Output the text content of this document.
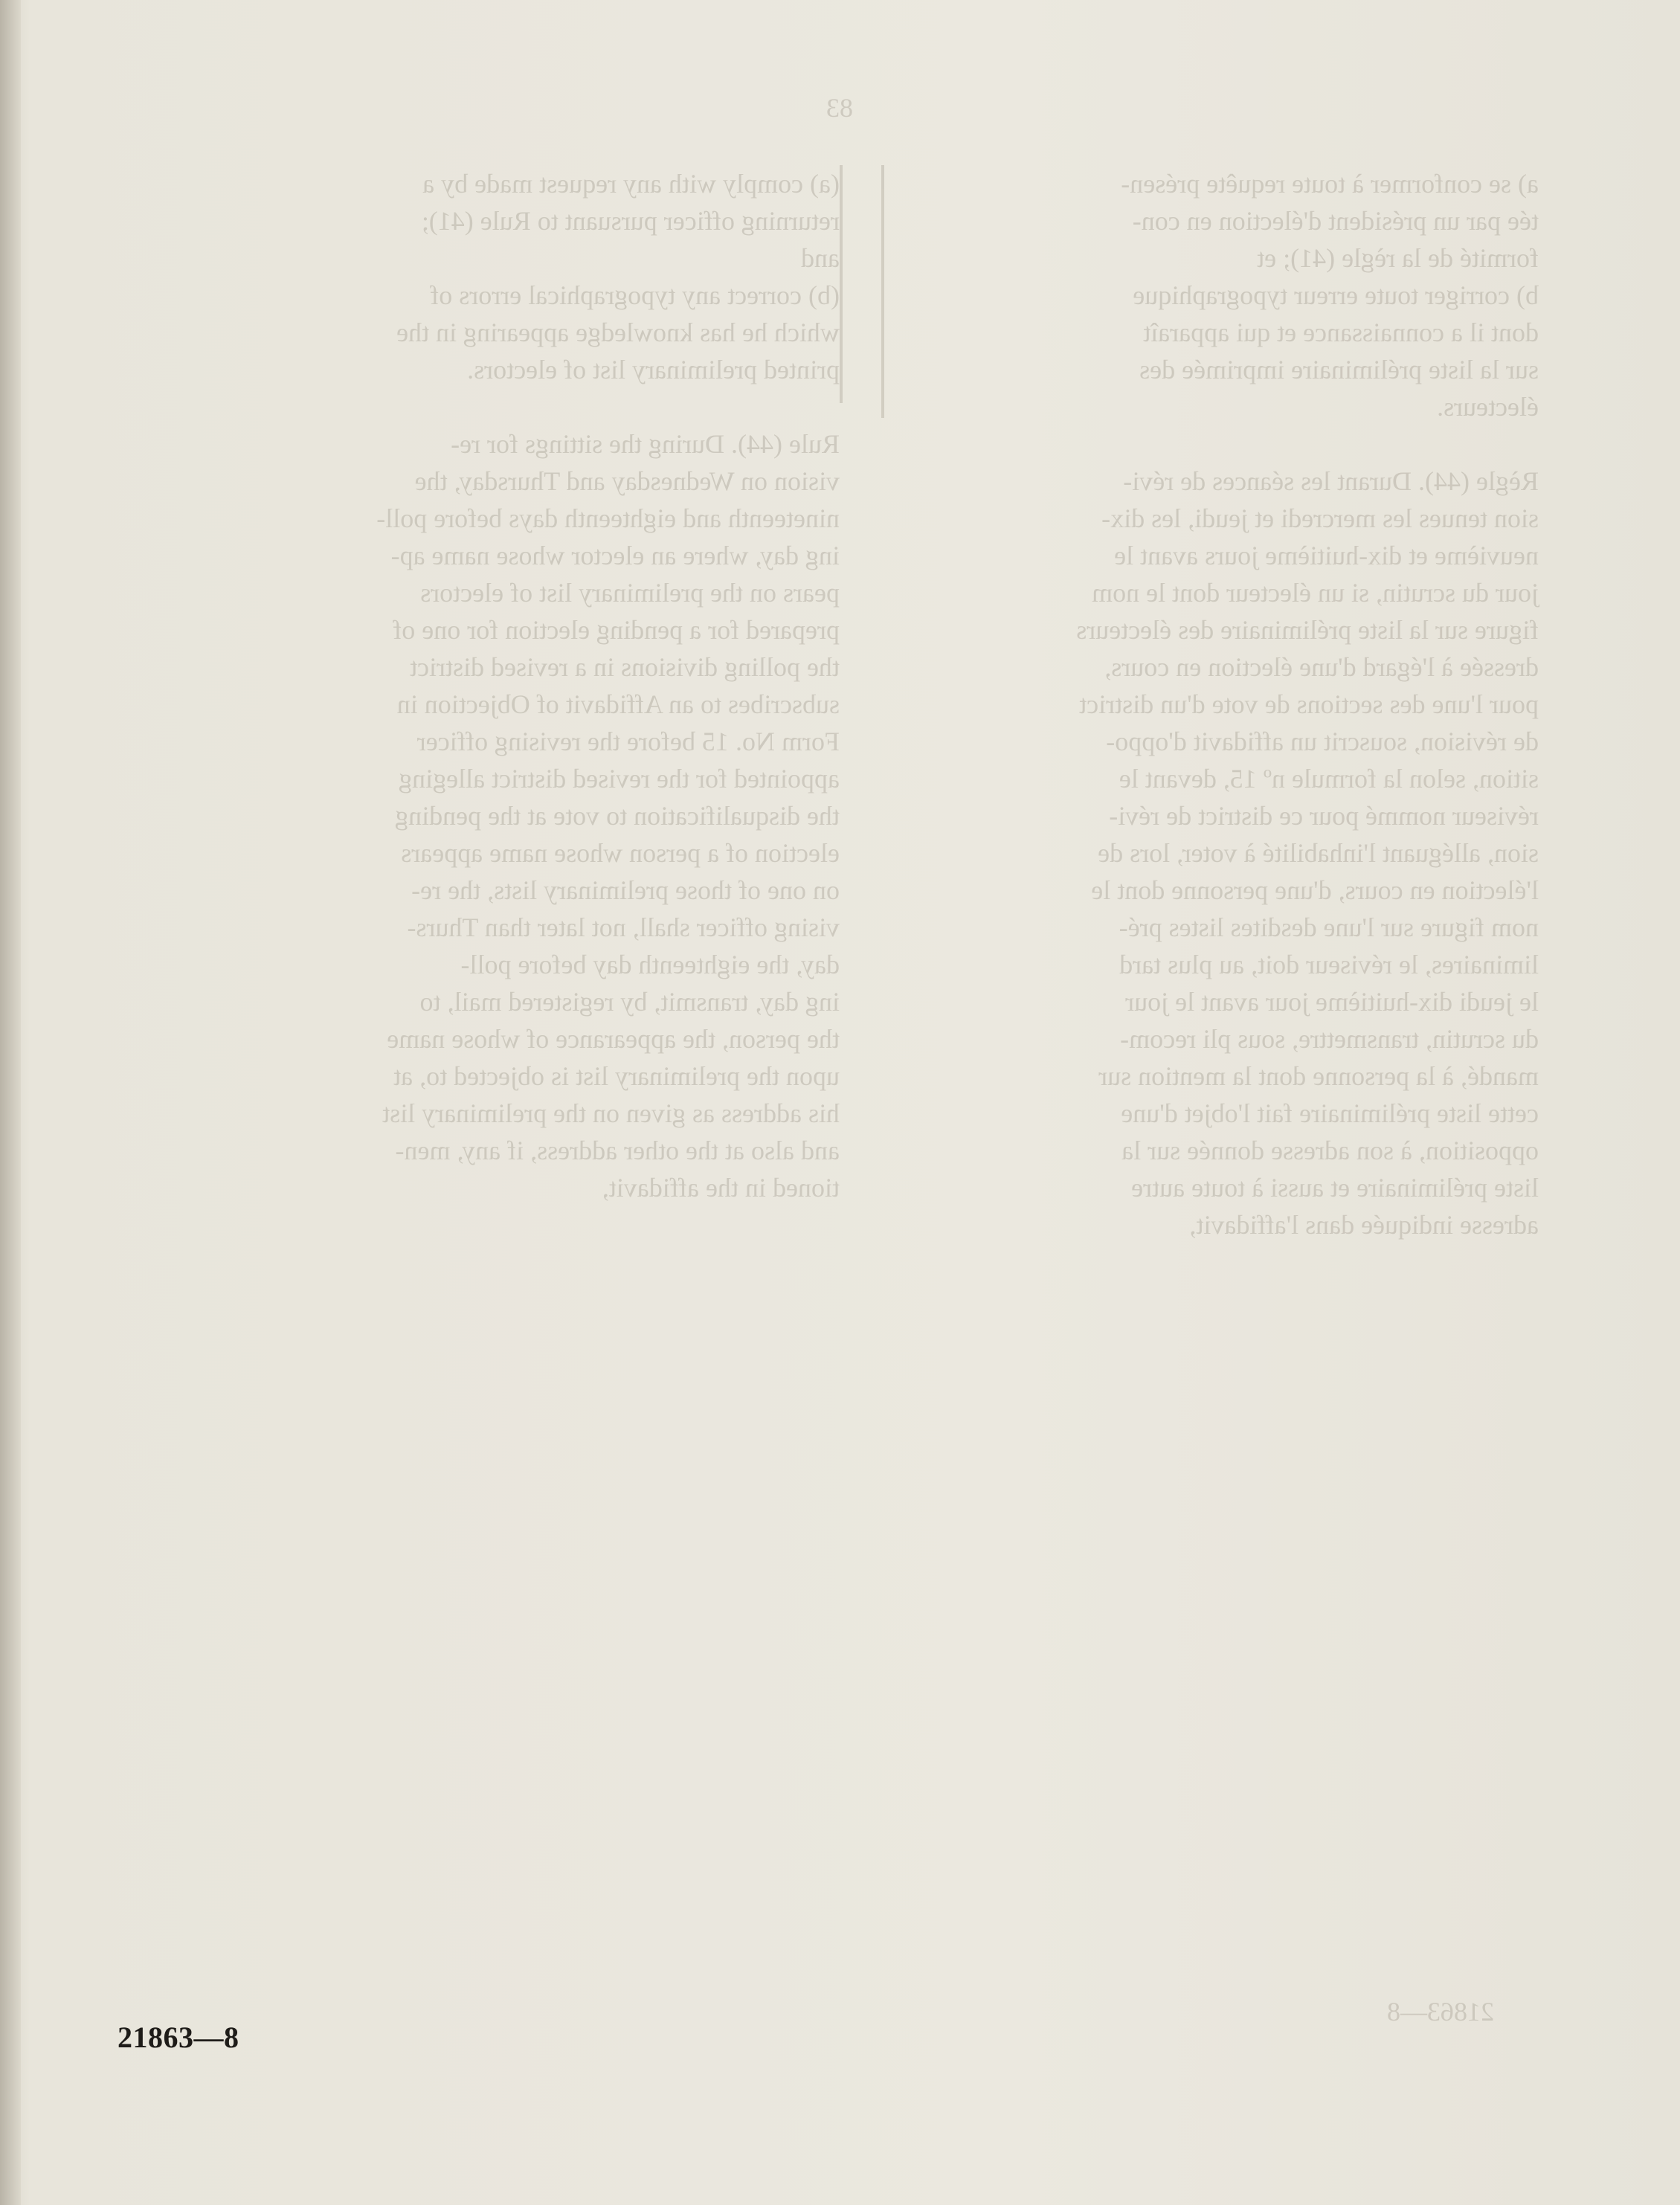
83
(a) comply with any request made by a
returning officer pursuant to Rule (41);
and
(b) correct any typographical errors of
which he has knowledge appearing in the
printed preliminary list of electors.

Rule (44). During the sittings for re-
vision on Wednesday and Thursday, the
nineteenth and eighteenth days before poll-
ing day, where an elector whose name ap-
pears on the preliminary list of electors
prepared for a pending election for one of
the polling divisions in a revised district
subscribes to an Affidavit of Objection in
Form No. 15 before the revising officer
appointed for the revised district alleging
the disqualification to vote at the pending
election of a person whose name appears
on one of those preliminary lists, the re-
vising officer shall, not later than Thurs-
day, the eighteenth day before poll-
ing day, transmit, by registered mail, to
the person, the appearance of whose name
upon the preliminary list is objected to, at
his address as given on the preliminary list
and also at the other address, if any, men-
tioned in the affidavit,
a) se conformer à toute requête présen-
tée par un président d'élection en con-
formité de la règle (41); et
b) corriger toute erreur typographique
dont il a connaissance et qui apparaît
sur la liste préliminaire imprimée des
électeurs.

Règle (44). Durant les séances de révi-
sion tenues les mercredi et jeudi, les dix-
neuvième et dix-huitième jours avant le
jour du scrutin, si un électeur dont le nom
figure sur la liste préliminaire des électeurs
dressée à l'égard d'une élection en cours,
pour l'une des sections de vote d'un district
de révision, souscrit un affidavit d'oppo-
sition, selon la formule nº 15, devant le
réviseur nommé pour ce district de révi-
sion, alléguant l'inhabilité à voter, lors de
l'élection en cours, d'une personne dont le
nom figure sur l'une desdites listes pré-
liminaires, le réviseur doit, au plus tard
le jeudi dix-huitième jour avant le jour
du scrutin, transmettre, sous pli recom-
mandé, à la personne dont la mention sur
cette liste préliminaire fait l'objet d'une
opposition, à son adresse donnée sur la
liste préliminaire et aussi à toute autre
adresse indiquée dans l'affidavit,
21863—8
21863—8
